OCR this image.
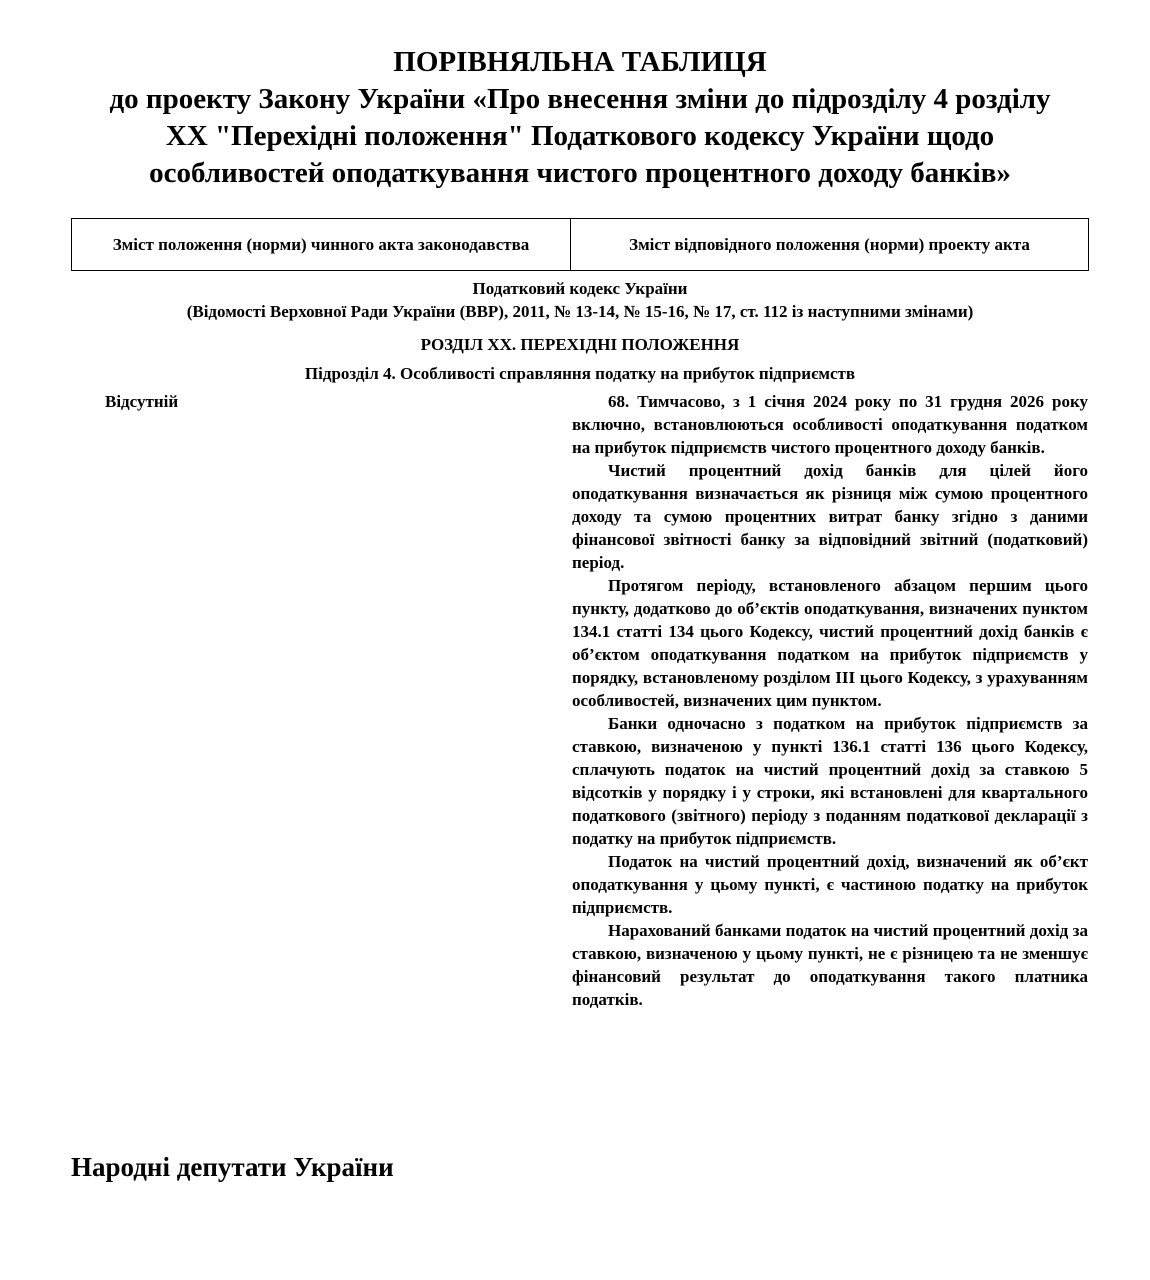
ПОРІВНЯЛЬНА ТАБЛИЦЯ
до проекту Закону України «Про внесення зміни до підрозділу 4 розділу
XX "Перехідні положення" Податкового кодексу України щодо
особливостей оподаткування чистого процентного доходу банків»
Зміст положення (норми) чинного акта законодавства	Зміст відповідного положення (норми) проекту акта
Податковий кодекс України
(Відомості Верховної Ради України (ВВР), 2011, № 13-14, № 15-16, № 17, ст. 112 із наступними змінами)
РОЗДІЛ XX. ПЕРЕХІДНІ ПОЛОЖЕННЯ
Підрозділ 4. Особливості справляння податку на прибуток підприємств
Відсутній	68. Тимчасово, з 1 січня 2024 року по 31 грудня 2026 року включно, встановлюються особливості оподаткування податком на прибуток підприємств чистого процентного доходу банків.

Чистий процентний дохід банків для цілей його оподаткування визначається як різниця між сумою процентного доходу та сумою процентних витрат банку згідно з даними фінансової звітності банку за відповідний звітний (податковий) період.

Протягом періоду, встановленого абзацом першим цього пункту, додатково до об’єктів оподаткування, визначених пунктом 134.1 статті 134 цього Кодексу, чистий процентний дохід банків є об’єктом оподаткування податком на прибуток підприємств у порядку, встановленому розділом III цього Кодексу, з урахуванням особливостей, визначених цим пунктом.

Банки одночасно з податком на прибуток підприємств за ставкою, визначеною у пункті 136.1 статті 136 цього Кодексу, сплачують податок на чистий процентний дохід за ставкою 5 відсотків у порядку і у строки, які встановлені для квартального податкового (звітного) періоду з поданням податкової декларації з податку на прибуток підприємств.

Податок на чистий процентний дохід, визначений як об’єкт оподаткування у цьому пункті, є частиною податку на прибуток підприємств.

Нарахований банками податок на чистий процентний дохід за ставкою, визначеною у цьому пункті, не є різницею та не зменшує фінансовий результат до оподаткування такого платника податків.

Народні депутати України
